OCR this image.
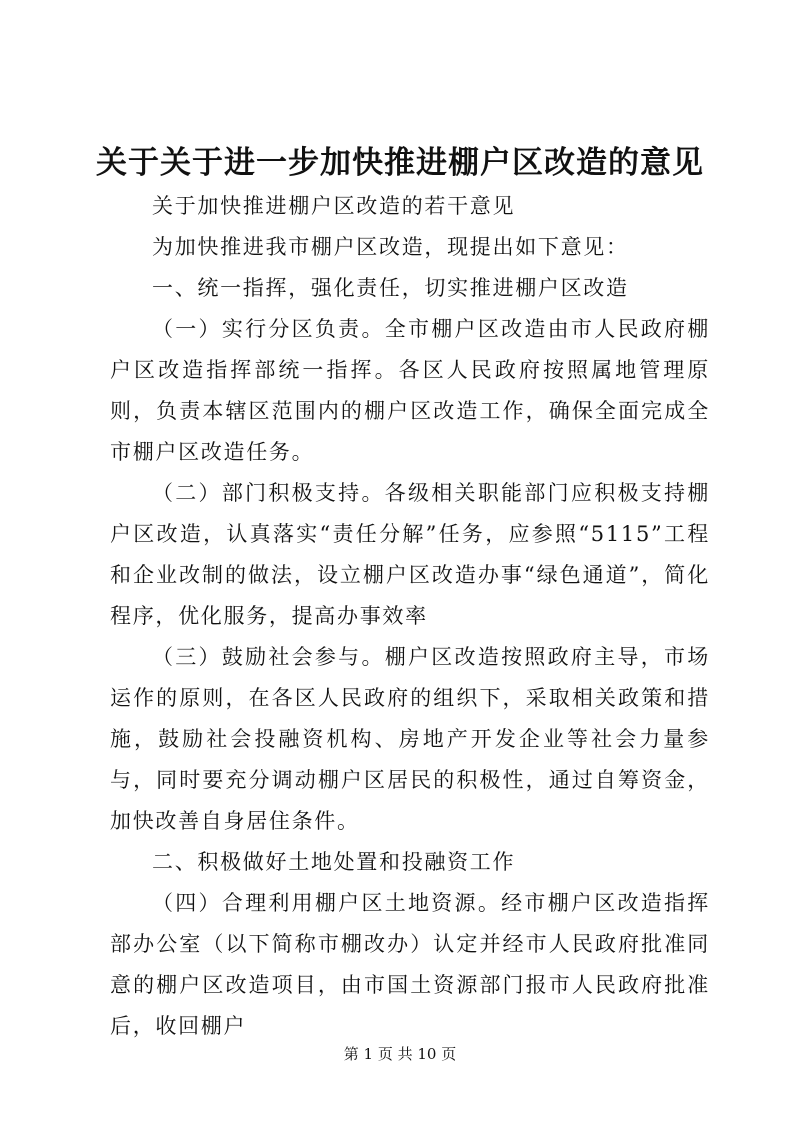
关于关于进一步加快推进棚户区改造的意见

关于加快推进棚户区改造的若干意见

为加快推进我市棚户区改造，现提出如下意见：

一、统一指挥，强化责任，切实推进棚户区改造

（一）实行分区负责。全市棚户区改造由市人民政府棚户区改造指挥部统一指挥。各区人民政府按照属地管理原则，负责本辖区范围内的棚户区改造工作，确保全面完成全市棚户区改造任务。

（二）部门积极支持。各级相关职能部门应积极支持棚户区改造，认真落实“责任分解”任务，应参照“5115”工程和企业改制的做法，设立棚户区改造办事“绿色通道”，简化程序，优化服务，提高办事效率

（三）鼓励社会参与。棚户区改造按照政府主导，市场运作的原则，在各区人民政府的组织下，采取相关政策和措施，鼓励社会投融资机构、房地产开发企业等社会力量参与，同时要充分调动棚户区居民的积极性，通过自筹资金，加快改善自身居住条件。

二、积极做好土地处置和投融资工作

（四）合理利用棚户区土地资源。经市棚户区改造指挥部办公室（以下简称市棚改办）认定并经市人民政府批准同意的棚户区改造项目，由市国土资源部门报市人民政府批准后，收回棚户

第 1 页 共 10 页
